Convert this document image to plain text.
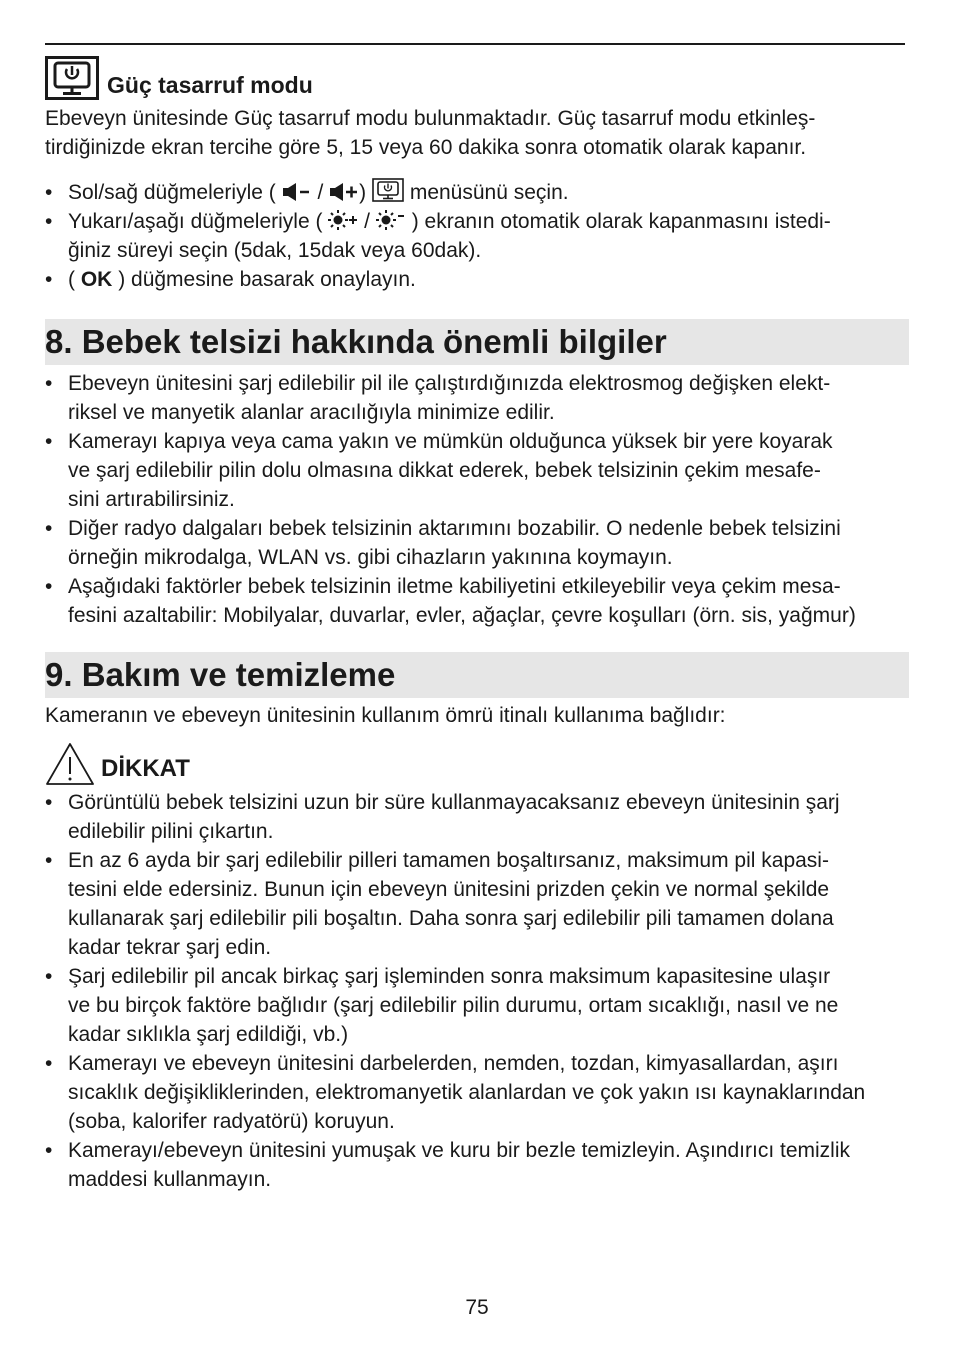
Güç tasarruf modu

Ebeveyn ünitesinde Güç tasarruf modu bulunmaktadır. Güç tasarruf modu etkinleş-
tirdiğinizde ekran tercihe göre 5, 15 veya 60 dakika sonra otomatik olarak kapanır.

• Sol/sağ düğmeleriyle ( / ) menüsünü seçin.
• Yukarı/aşağı düğmeleriyle ( / ) ekranın otomatik olarak kapanmasını istedi-
ğiniz süreyi seçin (5dak, 15dak veya 60dak).
• ( OK ) düğmesine basarak onaylayın.
8. Bebek telsizi hakkında önemli bilgiler
• Ebeveyn ünitesini şarj edilebilir pil ile çalıştırdığınızda elektrosmog değişken elekt-
riksel ve manyetik alanlar aracılığıyla minimize edilir.
• Kamerayı kapıya veya cama yakın ve mümkün olduğunca yüksek bir yere koyarak
ve şarj edilebilir pilin dolu olmasına dikkat ederek, bebek telsizinin çekim mesafe-
sini artırabilirsiniz.
• Diğer radyo dalgaları bebek telsizinin aktarımını bozabilir. O nedenle bebek telsizini
örneğin mikrodalga, WLAN vs. gibi cihazların yakınına koymayın.
• Aşağıdaki faktörler bebek telsizinin iletme kabiliyetini etkileyebilir veya çekim mesa-
fesini azaltabilir: Mobilyalar, duvarlar, evler, ağaçlar, çevre koşulları (örn. sis, yağmur)
9. Bakım ve temizleme

Kameranın ve ebeveyn ünitesinin kullanım ömrü itinalı kullanıma bağlıdır:

DİKKAT
• Görüntülü bebek telsizini uzun bir süre kullanmayacaksanız ebeveyn ünitesinin şarj
edilebilir pilini çıkartın.
• En az 6 ayda bir şarj edilebilir pilleri tamamen boşaltırsanız, maksimum pil kapasi-
tesini elde edersiniz. Bunun için ebeveyn ünitesini prizden çekin ve normal şekilde
kullanarak şarj edilebilir pili boşaltın. Daha sonra şarj edilebilir pili tamamen dolana
kadar tekrar şarj edin.
• Şarj edilebilir pil ancak birkaç şarj işleminden sonra maksimum kapasitesine ulaşır
ve bu birçok faktöre bağlıdır (şarj edilebilir pilin durumu, ortam sıcaklığı, nasıl ve ne
kadar sıklıkla şarj edildiği, vb.)
• Kamerayı ve ebeveyn ünitesini darbelerden, nemden, tozdan, kimyasallardan, aşırı
sıcaklık değişikliklerinden, elektromanyetik alanlardan ve çok yakın ısı kaynaklarından
(soba, kalorifer radyatörü) koruyun.
• Kamerayı/ebeveyn ünitesini yumuşak ve kuru bir bezle temizleyin. Aşındırıcı temizlik
maddesi kullanmayın.
75
